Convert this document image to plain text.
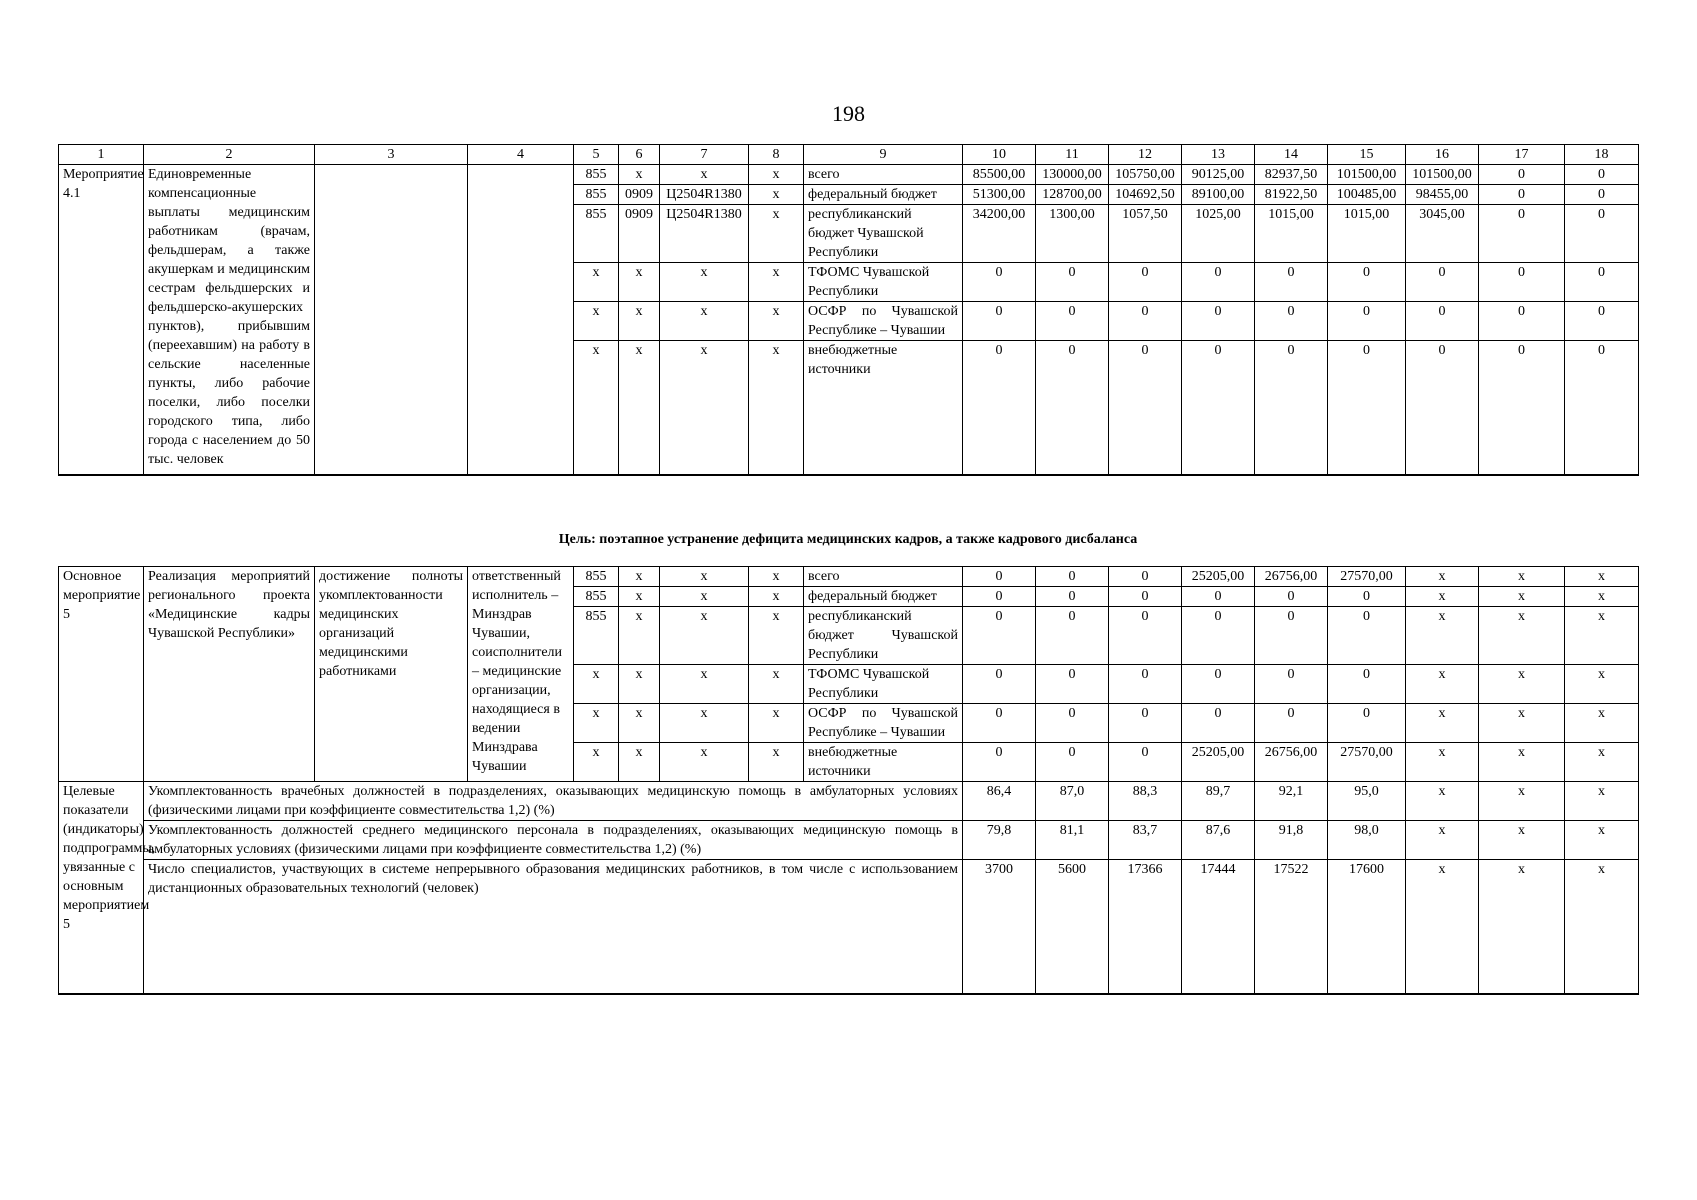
198
1	2	3	4	5	6	7	8	9	10	11	12	13	14	15	16	17	18
Мероприятие 4.1	Единовременные компенсационные выплаты медицинским работникам (врачам, фельдшерам, а также акушеркам и медицинским сестрам фельдшерских и фельдшерско-акушерских пунктов), прибывшим (переехавшим) на работу в сельские населенные пункты, либо рабочие поселки, либо поселки городского типа, либо города с населением до 50 тыс. человек			855	х	х	х	всего	85500,00	130000,00	105750,00	90125,00	82937,50	101500,00	101500,00	0	0
				855	0909	Ц2504R1380	х	федеральный бюджет	51300,00	128700,00	104692,50	89100,00	81922,50	100485,00	98455,00	0	0
				855	0909	Ц2504R1380	х	республиканский бюджет Чувашской Республики	34200,00	1300,00	1057,50	1025,00	1015,00	1015,00	3045,00	0	0
				х	х	х	х	ТФОМС Чувашской Республики	0	0	0	0	0	0	0	0	0
				х	х	х	х	ОСФР по Чувашской Республике – Чувашии	0	0	0	0	0	0	0	0	0
				х	х	х	х	внебюджетные источники	0	0	0	0	0	0	0	0	0
Цель: поэтапное устранение дефицита медицинских кадров, а также кадрового дисбаланса
Основное мероприятие 5	Реализация мероприятий регионального проекта «Медицинские кадры Чувашской Республики»	достижение полноты укомплектованности медицинских организаций медицинскими работниками	ответственный исполнитель – Минздрав Чувашии, соисполнители – медицинские организации, находящиеся в ведении Минздрава Чувашии	855	х	х	х	всего	0	0	0	25205,00	26756,00	27570,00	х	х	х
				855	х	х	х	федеральный бюджет	0	0	0	0	0	0	х	х	х
				855	х	х	х	республиканский бюджет Чувашской Республики	0	0	0	0	0	0	х	х	х
				х	х	х	х	ТФОМС Чувашской Республики	0	0	0	0	0	0	х	х	х
				х	х	х	х	ОСФР по Чувашской Республике – Чувашии	0	0	0	0	0	0	х	х	х
				х	х	х	х	внебюджетные источники	0	0	0	25205,00	26756,00	27570,00	х	х	х
Целевые показатели (индикаторы) подпрограммы, увязанные с основным мероприятием 5	Укомплектованность врачебных должностей в подразделениях, оказывающих медицинскую помощь в амбулаторных условиях (физическими лицами при коэффициенте совместительства 1,2) (%)								86,4	87,0	88,3	89,7	92,1	95,0	х	х	х
	Укомплектованность должностей среднего медицинского персонала в подразделениях, оказывающих медицинскую помощь в амбулаторных условиях (физическими лицами при коэффициенте совместительства 1,2) (%)								79,8	81,1	83,7	87,6	91,8	98,0	х	х	х
	Число специалистов, участвующих в системе непрерывного образования медицинских работников, в том числе с использованием дистанционных образовательных технологий (человек)								3700	5600	17366	17444	17522	17600	х	х	х
